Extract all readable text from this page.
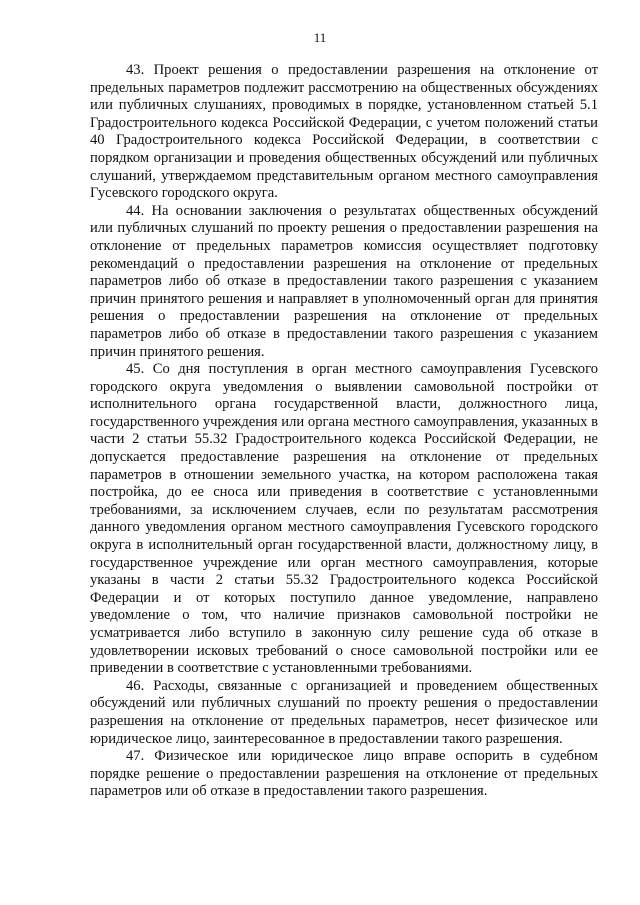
11

43. Проект решения о предоставлении разрешения на отклонение от предельных параметров подлежит рассмотрению на общественных обсуждениях или публичных слушаниях, проводимых в порядке, установленном статьей 5.1 Градостроительного кодекса Российской Федерации, с учетом положений статьи 40 Градостроительного кодекса Российской Федерации, в соответствии с порядком организации и проведения общественных обсуждений или публичных слушаний, утверждаемом представительным органом местного самоуправления Гусевского городского округа.

44. На основании заключения о результатах общественных обсуждений или публичных слушаний по проекту решения о предоставлении разрешения на отклонение от предельных параметров комиссия осуществляет подготовку рекомендаций о предоставлении разрешения на отклонение от предельных параметров либо об отказе в предоставлении такого разрешения с указанием причин принятого решения и направляет в уполномоченный орган для принятия решения о предоставлении разрешения на отклонение от предельных параметров либо об отказе в предоставлении такого разрешения с указанием причин принятого решения.

45. Со дня поступления в орган местного самоуправления Гусевского городского округа уведомления о выявлении самовольной постройки от исполнительного органа государственной власти, должностного лица, государственного учреждения или органа местного самоуправления, указанных в части 2 статьи 55.32 Градостроительного кодекса Российской Федерации, не допускается предоставление разрешения на отклонение от предельных параметров в отношении земельного участка, на котором расположена такая постройка, до ее сноса или приведения в соответствие с установленными требованиями, за исключением случаев, если по результатам рассмотрения данного уведомления органом местного самоуправления Гусевского городского округа в исполнительный орган государственной власти, должностному лицу, в государственное учреждение или орган местного самоуправления, которые указаны в части 2 статьи 55.32 Градостроительного кодекса Российской Федерации и от которых поступило данное уведомление, направлено уведомление о том, что наличие признаков самовольной постройки не усматривается либо вступило в законную силу решение суда об отказе в удовлетворении исковых требований о сносе самовольной постройки или ее приведении в соответствие с установленными требованиями.

46. Расходы, связанные с организацией и проведением общественных обсуждений или публичных слушаний по проекту решения о предоставлении разрешения на отклонение от предельных параметров, несет физическое или юридическое лицо, заинтересованное в предоставлении такого разрешения.

47. Физическое или юридическое лицо вправе оспорить в судебном порядке решение о предоставлении разрешения на отклонение от предельных параметров или об отказе в предоставлении такого разрешения.
